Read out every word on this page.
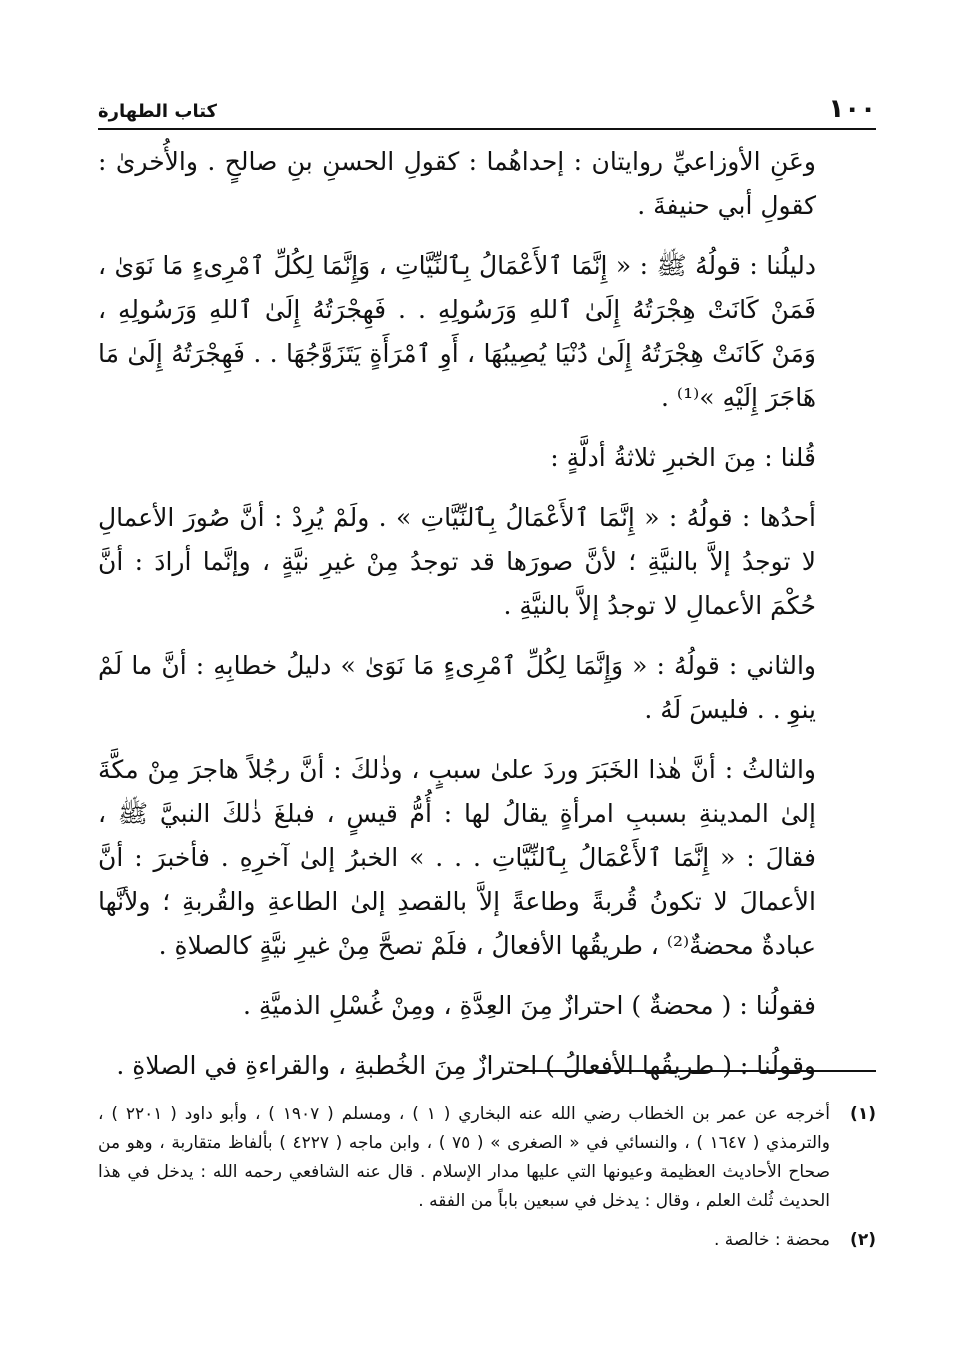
١٠٠
كتاب الطهارة

وعَنِ الأوزاعيِّ روايتان : إحداهُما : كقولِ الحسنِ بنِ صالحٍ . والأُخرىٰ : كقولِ أبي حنيفةَ .

دليلُنا : قولُهُ ﷺ : « إِنَّمَا ٱلأَعْمَالُ بِٱلنِّيَّاتِ ، وَإِنَّمَا لِكُلِّ ٱمْرِىءٍ مَا نَوَىٰ ، فَمَنْ كَانَتْ هِجْرَتُهُ إِلَىٰ ٱللهِ وَرَسُولِهِ . . فَهِجْرَتُهُ إِلَىٰ ٱللهِ وَرَسُولِهِ ، وَمَنْ كَانَتْ هِجْرَتُهُ إِلَىٰ دُنْيَا يُصِيبُهَا ، أَوِ ٱمْرَأَةٍ يَتَزَوَّجُهَا . . فَهِجْرَتُهُ إِلَىٰ مَا هَاجَرَ إِلَيْهِ »⁽¹⁾ .

قُلنا : مِنَ الخبرِ ثلاثةُ أدلَّةٍ :

أحدُها : قولُهُ : « إِنَّمَا ٱلأَعْمَالُ بِٱلنِّيَّاتِ » . ولَمْ يُرِدْ : أنَّ صُورَ الأعمالِ لا توجدُ إلاَّ بالنيَّةِ ؛ لأنَّ صورَها قد توجدُ مِنْ غيرِ نيَّةٍ ، وإنَّما أرادَ : أنَّ حُكْمَ الأعمالِ لا توجدُ إلاَّ بالنيَّةِ .

والثاني : قولُهُ : « وَإِنَّمَا لِكُلِّ ٱمْرِىءٍ مَا نَوَىٰ » دليلُ خطابِهِ : أنَّ ما لَمْ ينوِ . . فليسَ لَهُ .

والثالثُ : أنَّ هٰذا الخَبَرَ وردَ علىٰ سببٍ ، وذٰلكَ : أنَّ رجُلاً هاجرَ مِنْ مكَّةَ إلىٰ المدينةِ بسببِ امرأةٍ يقالُ لها : أُمُّ قيسٍ ، فبلغَ ذٰلكَ النبيَّ ﷺ ، فقالَ : « إِنَّمَا ٱلأَعْمَالُ بِٱلنِّيَّاتِ . . . » الخبرُ إلىٰ آخرِهِ . فأخبرَ : أنَّ الأعمالَ لا تكونُ قُربةً وطاعةً إلاَّ بالقصدِ إلىٰ الطاعةِ والقُربةِ ؛ ولأنَّها عبادةٌ محضةٌ⁽²⁾ ، طريقُها الأفعالُ ، فلَمْ تصحَّ مِنْ غيرِ نيَّةٍ كالصلاةِ .

فقولُنا : ( محضةٌ ) احترازٌ مِنَ العِدَّةِ ، ومِنْ غُسْلِ الذميَّةِ .

وقولُنا : ( طريقُها الأفعالُ ) احترازٌ مِنَ الخُطبةِ ، والقراءةِ في الصلاةِ .

(١)
أخرجه عن عمر بن الخطاب رضي الله عنه البخاري ( ١ ) ، ومسلم ( ١٩٠٧ ) ، وأبو داود ( ٢٢٠١ ) ، والترمذي ( ١٦٤٧ ) ، والنسائي في « الصغرى » ( ٧٥ ) ، وابن ماجه ( ٤٢٢٧ ) بألفاظ متقاربة ، وهو من صحاح الأحاديث العظيمة وعيونها التي عليها مدار الإسلام . قال عنه الشافعي رحمه الله : يدخل في هذا الحديث ثُلث العلم ، وقال : يدخل في سبعين باباً من الفقه .
(٢)
محضة : خالصة .
